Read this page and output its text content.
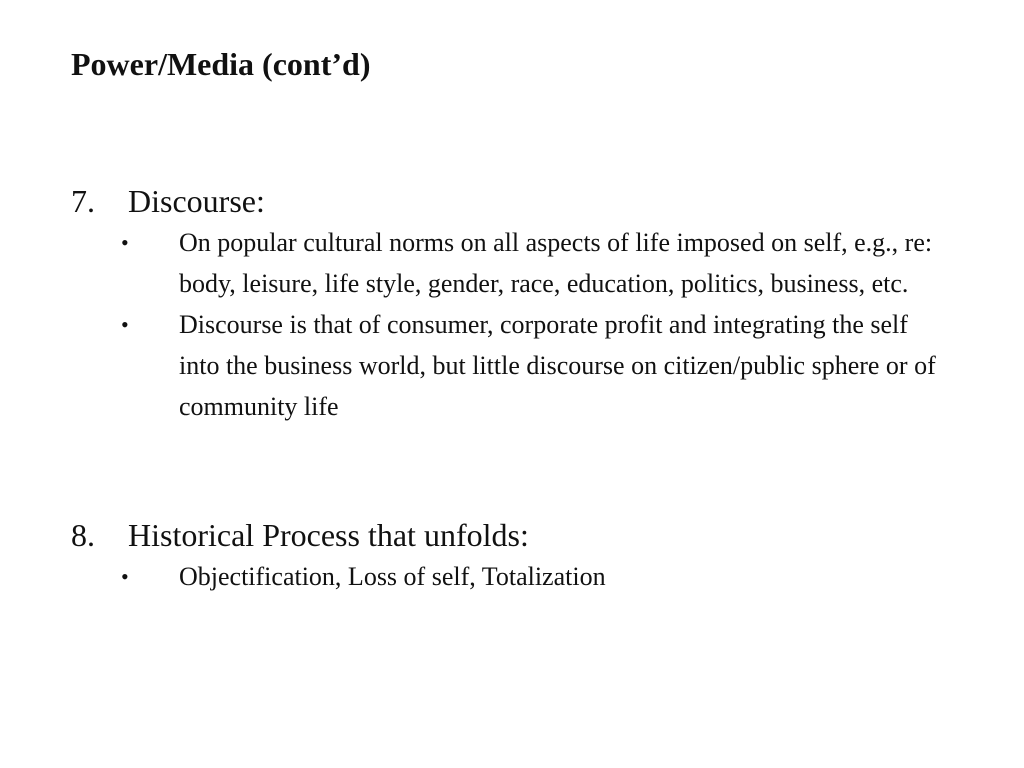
Power/Media (cont’d)
7. Discourse:
• On popular cultural norms on all aspects of life imposed on self, e.g., re: body, leisure, life style, gender, race, education, politics, business, etc.
• Discourse is that of consumer, corporate profit and integrating the self into the business world, but little discourse on citizen/public sphere or of community life
8. Historical Process that unfolds:
• Objectification, Loss of self, Totalization
